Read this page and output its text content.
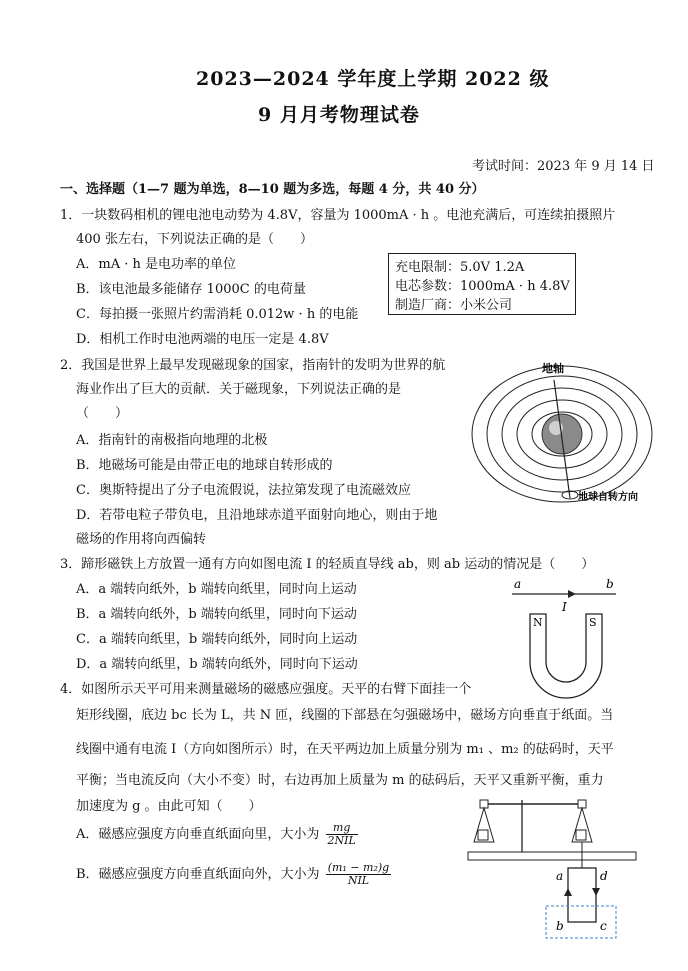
2023—2024 学年度上学期 2022 级
9 月月考物理试卷
考试时间：2023 年 9 月 14 日
一、选择题（1—7 题为单选，8—10 题为多选，每题 4 分，共 40 分）
1．一块数码相机的锂电池电动势为 4.8V，容量为 1000mA · h 。电池充满后，可连续拍摄照片
400 张左右，下列说法正确的是（　　）
A．mA · h 是电功率的单位
B．该电池最多能储存 1000C 的电荷量
C．每拍摄一张照片约需消耗 0.012w · h 的电能
D．相机工作时电池两端的电压一定是 4.8V
充电限制：5.0V 1.2A
电芯参数：1000mA · h 4.8V
制造厂商：小米公司
2．我国是世界上最早发现磁现象的国家，指南针的发明为世界的航
海业作出了巨大的贡献．关于磁现象，下列说法正确的是
（　　）
A．指南针的南极指向地理的北极
B．地磁场可能是由带正电的地球自转形成的
C．奥斯特提出了分子电流假说，法拉第发现了电流磁效应
D．若带电粒子带负电，且沿地球赤道平面射向地心，则由于地
磁场的作用将向西偏转
地轴
地球自转方向
3．蹄形磁铁上方放置一通有方向如图电流 I 的轻质直导线 ab，则 ab 运动的情况是（　　）
A．a 端转向纸外，b 端转向纸里，同时向上运动
B．a 端转向纸外，b 端转向纸里，同时向下运动
C．a 端转向纸里，b 端转向纸外，同时向上运动
D．a 端转向纸里，b 端转向纸外，同时向下运动
a	b
I
N	S
4．如图所示天平可用来测量磁场的磁感应强度。天平的右臂下面挂一个
矩形线圈，底边 bc 长为 L，共 N 匝，线圈的下部悬在匀强磁场中，磁场方向垂直于纸面。当
线圈中通有电流 I（方向如图所示）时，在天平两边加上质量分别为 m₁ 、m₂ 的砝码时，天平
平衡；当电流反向（大小不变）时，右边再加上质量为 m 的砝码后，天平又重新平衡，重力
加速度为 g 。由此可知（　　）
A．磁感应强度方向垂直纸面向里，大小为 $\frac{mg}{\text{2NIL}}$
B．磁感应强度方向垂直纸面向外，大小为 $\frac{\text{(m₁ − m₂)g}}{\text{NIL}}$	a	d
b	c
